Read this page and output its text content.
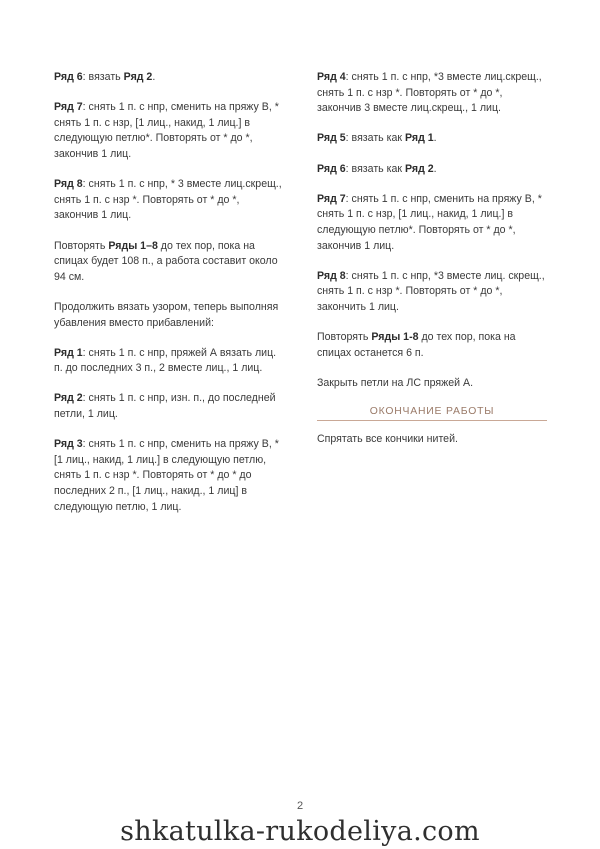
Ряд 6: вязать Ряд 2.

Ряд 7: снять 1 п. с нпр, сменить на пряжу В, * снять 1 п. с нзр, [1 лиц., накид, 1 лиц.] в следующую петлю*. Повторять от * до *, закончив 1 лиц.

Ряд 8: снять 1 п. с нпр, * 3 вместе лиц.скрещ., снять 1 п. с нзр *. Повторять от * до *, закончив 1 лиц.

Повторять Ряды 1–8 до тех пор, пока на спицах будет 108 п., а работа составит около 94 см.

Продолжить вязать узором, теперь выполняя убавления вместо прибавлений:

Ряд 1: снять 1 п. с нпр, пряжей А вязать лиц. п. до последних 3 п., 2 вместе лиц., 1 лиц.

Ряд 2: снять 1 п. с нпр, изн. п., до последней петли, 1 лиц.

Ряд 3: снять 1 п. с нпр, сменить на пряжу В, *[1 лиц., накид, 1 лиц.] в следующую петлю, снять 1 п. с нзр *. Повторять от * до * до последних 2 п., [1 лиц., накид., 1 лиц] в следующую петлю, 1 лиц.

Ряд 4: снять 1 п. с нпр, *3 вместе лиц.скрещ., снять 1 п. с нзр *. Повторять от * до *, закончив 3 вместе лиц.скрещ., 1 лиц.

Ряд 5: вязать как Ряд 1.

Ряд 6: вязать как Ряд 2.

Ряд 7: снять 1 п. с нпр, сменить на пряжу В, * снять 1 п. с нзр, [1 лиц., накид, 1 лиц.] в следующую петлю*. Повторять от * до *, закончив 1 лиц.

Ряд 8: снять 1 п. с нпр, *3 вместе лиц. скрещ., снять 1 п. с нзр *. Повторять от * до *, закончить 1 лиц.

Повторять Ряды 1-8 до тех пор, пока на спицах останется 6 п.

Закрыть петли на ЛС пряжей А.

ОКОНЧАНИЕ РАБОТЫ

Спрятать все кончики нитей.

2
shkatulka-rukodeliya.com
